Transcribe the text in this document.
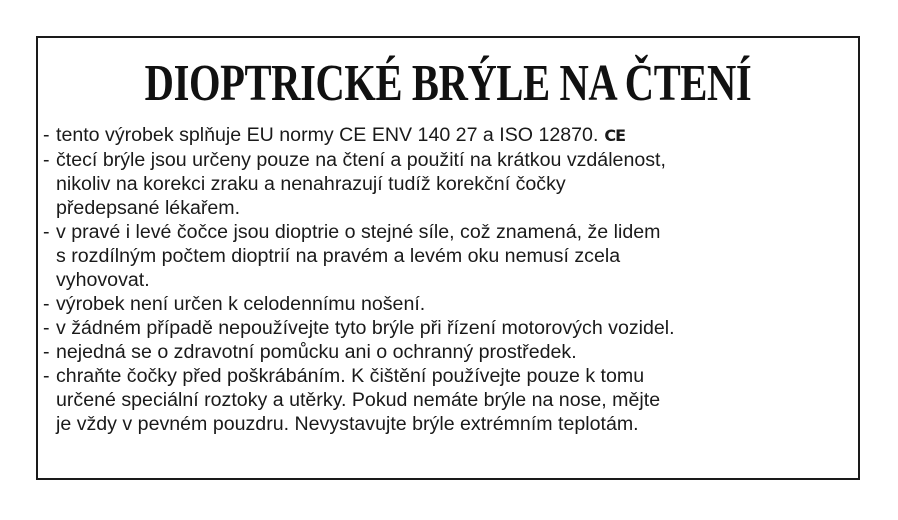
DIOPTRICKÉ BRÝLE NA ČTENÍ
- tento výrobek splňuje EU normy CE ENV 140 27 a ISO 12870. CE
- čtecí brýle jsou určeny pouze na čtení a použití na krátkou vzdálenost,
nikoliv na korekci zraku a nenahrazují tudíž korekční čočky
předepsané lékařem.
- v pravé i levé čočce jsou dioptrie o stejné síle, což znamená, že lidem
s rozdílným počtem dioptrií na pravém a levém oku nemusí zcela
vyhovovat.
- výrobek není určen k celodennímu nošení.
- v žádném případě nepoužívejte tyto brýle při řízení motorových vozidel.
- nejedná se o zdravotní pomůcku ani o ochranný prostředek.
- chraňte čočky před poškrábáním. K čištění používejte pouze k tomu
určené speciální roztoky a utěrky. Pokud nemáte brýle na nose, mějte
je vždy v pevném pouzdru. Nevystavujte brýle extrémním teplotám.
